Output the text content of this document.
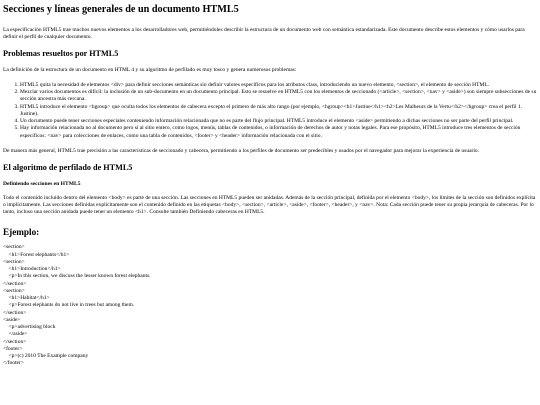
Secciones y líneas generales de un documento HTML5

La especificación HTML5 trae muchos nuevos elementos a los desarrolladores web, permitiéndoles describir la estructura de un documento web con semántica estandarizada. Este documento describe estos elementos y cómo usarlos para definir el perfil de cualquier documento.

Problemas resueltos por HTML5

La definición de la estructura de un documento en HTML 4 y su algoritmo de perfilado es muy tosco y genera numerosos problemas:

1. HTML5 quita la necesidad de elementos <div> para definir secciones semánticas sin definir valores específicos para los atributos class, introduciendo un nuevo elemento, <section>, el elemento de sección HTML.
2. Mezclar varios documentos es difícil: la inclusión de un sub-documento en un documento principal. Esto se resuelve en HTML5 con los elementos de seccionado (<article>, <section>, <nav> y <aside>) son siempre subsecciones de su sección ancestra más cercana.
3. HTML5 introduce el elemento <hgroup> que oculta todos los elementos de cabecera excepto el primero de más alto rango (por ejemplo, <hgroup><h1>Justine</h1><h2>Les Malheurs de la Vertu</h2></hgroup> crea el perfil 1. Justine).
4. Un documento puede tener secciones especiales conteniendo información relacionada que no es parte del flujo principal. HTML5 introduce el elemento <aside> permitiendo a dichas secciones no ser parte del perfil principal.
5. Hay información relacionada no al documento pero sí al sitio entero, como logos, menús, tablas de contenidos, o información de derechos de autor y notas legales. Para ese propósito, HTML5 introduce tres elementos de sección específicos: <nav> para colecciones de enlaces, como una tabla de contenidos, <footer> y <header> información relacionada con el sitio.

De manera más general, HTML5 trae precisión a las características de seccionado y cabecera, permitiendo a los perfiles de documento ser predecibles y usados por el navegador para mejorar la experiencia de usuario.

El algoritmo de perfilado de HTML5
Definiendo secciones en HTML5

Todo el contenido incluido dentro del elemento <body> es parte de una sección. Las secciones en HTML5 pueden ser anidadas. Además de la sección principal, definida por el elemento <body>, los límites de la sección son definidos explícita o implícitamente. Las secciones definidas explícitamente son el contenido definido en las etiquetas <body>, <section>, <article>, <aside>, <footer>, <header>, y <nav>. Nota: Cada sección puede tener su propia jerarquía de cabeceras. Por lo tanto, incluso una sección anidada puede tener un elemento <h1>. Consulte también Definiendo cabeceras en HTML5.

Ejemplo:
<section>
<h1>Forest elephants</h1>
<section>
<h1>Introduction</h1>
<p>In this section, we discuss the lesser known forest elephants.
</section>
<section>
<h1>Habitat</h1>
<p>Forest elephants do not live in trees but among them.
</section>
<aside>
<p>advertising block
</aside>
</section>
<footer>
<p>(c) 2010 The Example company
</footer>
